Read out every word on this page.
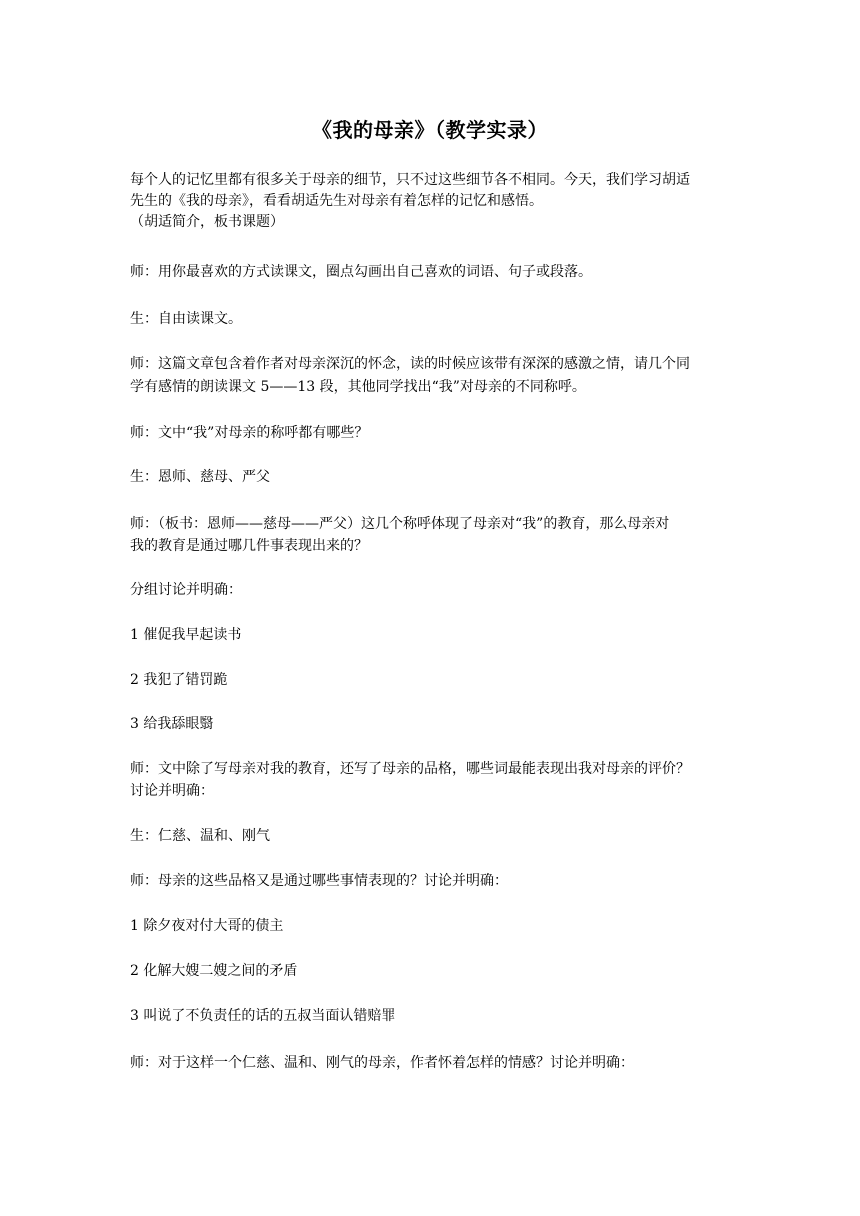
《我的母亲》（教学实录）
每个人的记忆里都有很多关于母亲的细节，只不过这些细节各不相同。今天，我们学习胡适
先生的《我的母亲》，看看胡适先生对母亲有着怎样的记忆和感悟。
（胡适简介，板书课题）
师：用你最喜欢的方式读课文，圈点勾画出自己喜欢的词语、句子或段落。
生：自由读课文。
师：这篇文章包含着作者对母亲深沉的怀念，读的时候应该带有深深的感激之情，请几个同
学有感情的朗读课文 5——13 段，其他同学找出“我”对母亲的不同称呼。
师：文中“我”对母亲的称呼都有哪些？
生：恩师、慈母、严父
师：（板书：恩师——慈母——严父）这几个称呼体现了母亲对“我”的教育，那么母亲对
我的教育是通过哪几件事表现出来的？
分组讨论并明确：
1 催促我早起读书
2 我犯了错罚跪
3 给我舔眼翳
师：文中除了写母亲对我的教育，还写了母亲的品格，哪些词最能表现出我对母亲的评价？
讨论并明确：
生：仁慈、温和、刚气
师：母亲的这些品格又是通过哪些事情表现的？讨论并明确：
1 除夕夜对付大哥的债主
2 化解大嫂二嫂之间的矛盾
3 叫说了不负责任的话的五叔当面认错赔罪
师：对于这样一个仁慈、温和、刚气的母亲，作者怀着怎样的情感？讨论并明确：
